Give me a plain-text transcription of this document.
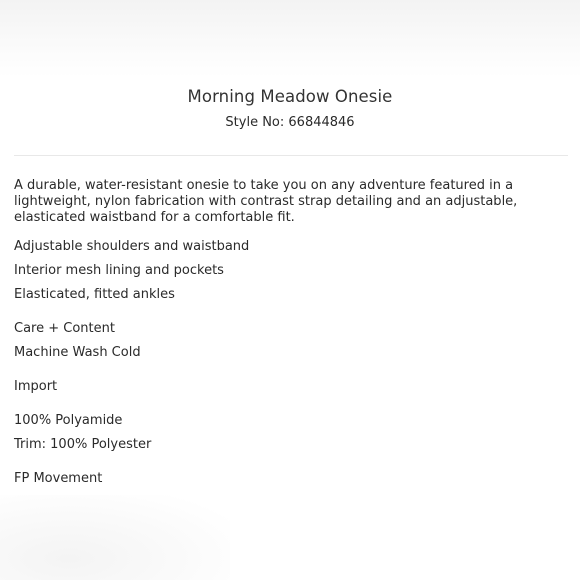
Morning Meadow Onesie
Style No: 66844846

A durable, water-resistant onesie to take you on any adventure featured in a lightweight, nylon fabrication with contrast strap detailing and an adjustable, elasticated waistband for a comfortable fit.

Adjustable shoulders and waistband

Interior mesh lining and pockets

Elasticated, fitted ankles

Care + Content

Machine Wash Cold

Import

100% Polyamide

Trim: 100% Polyester

FP Movement
